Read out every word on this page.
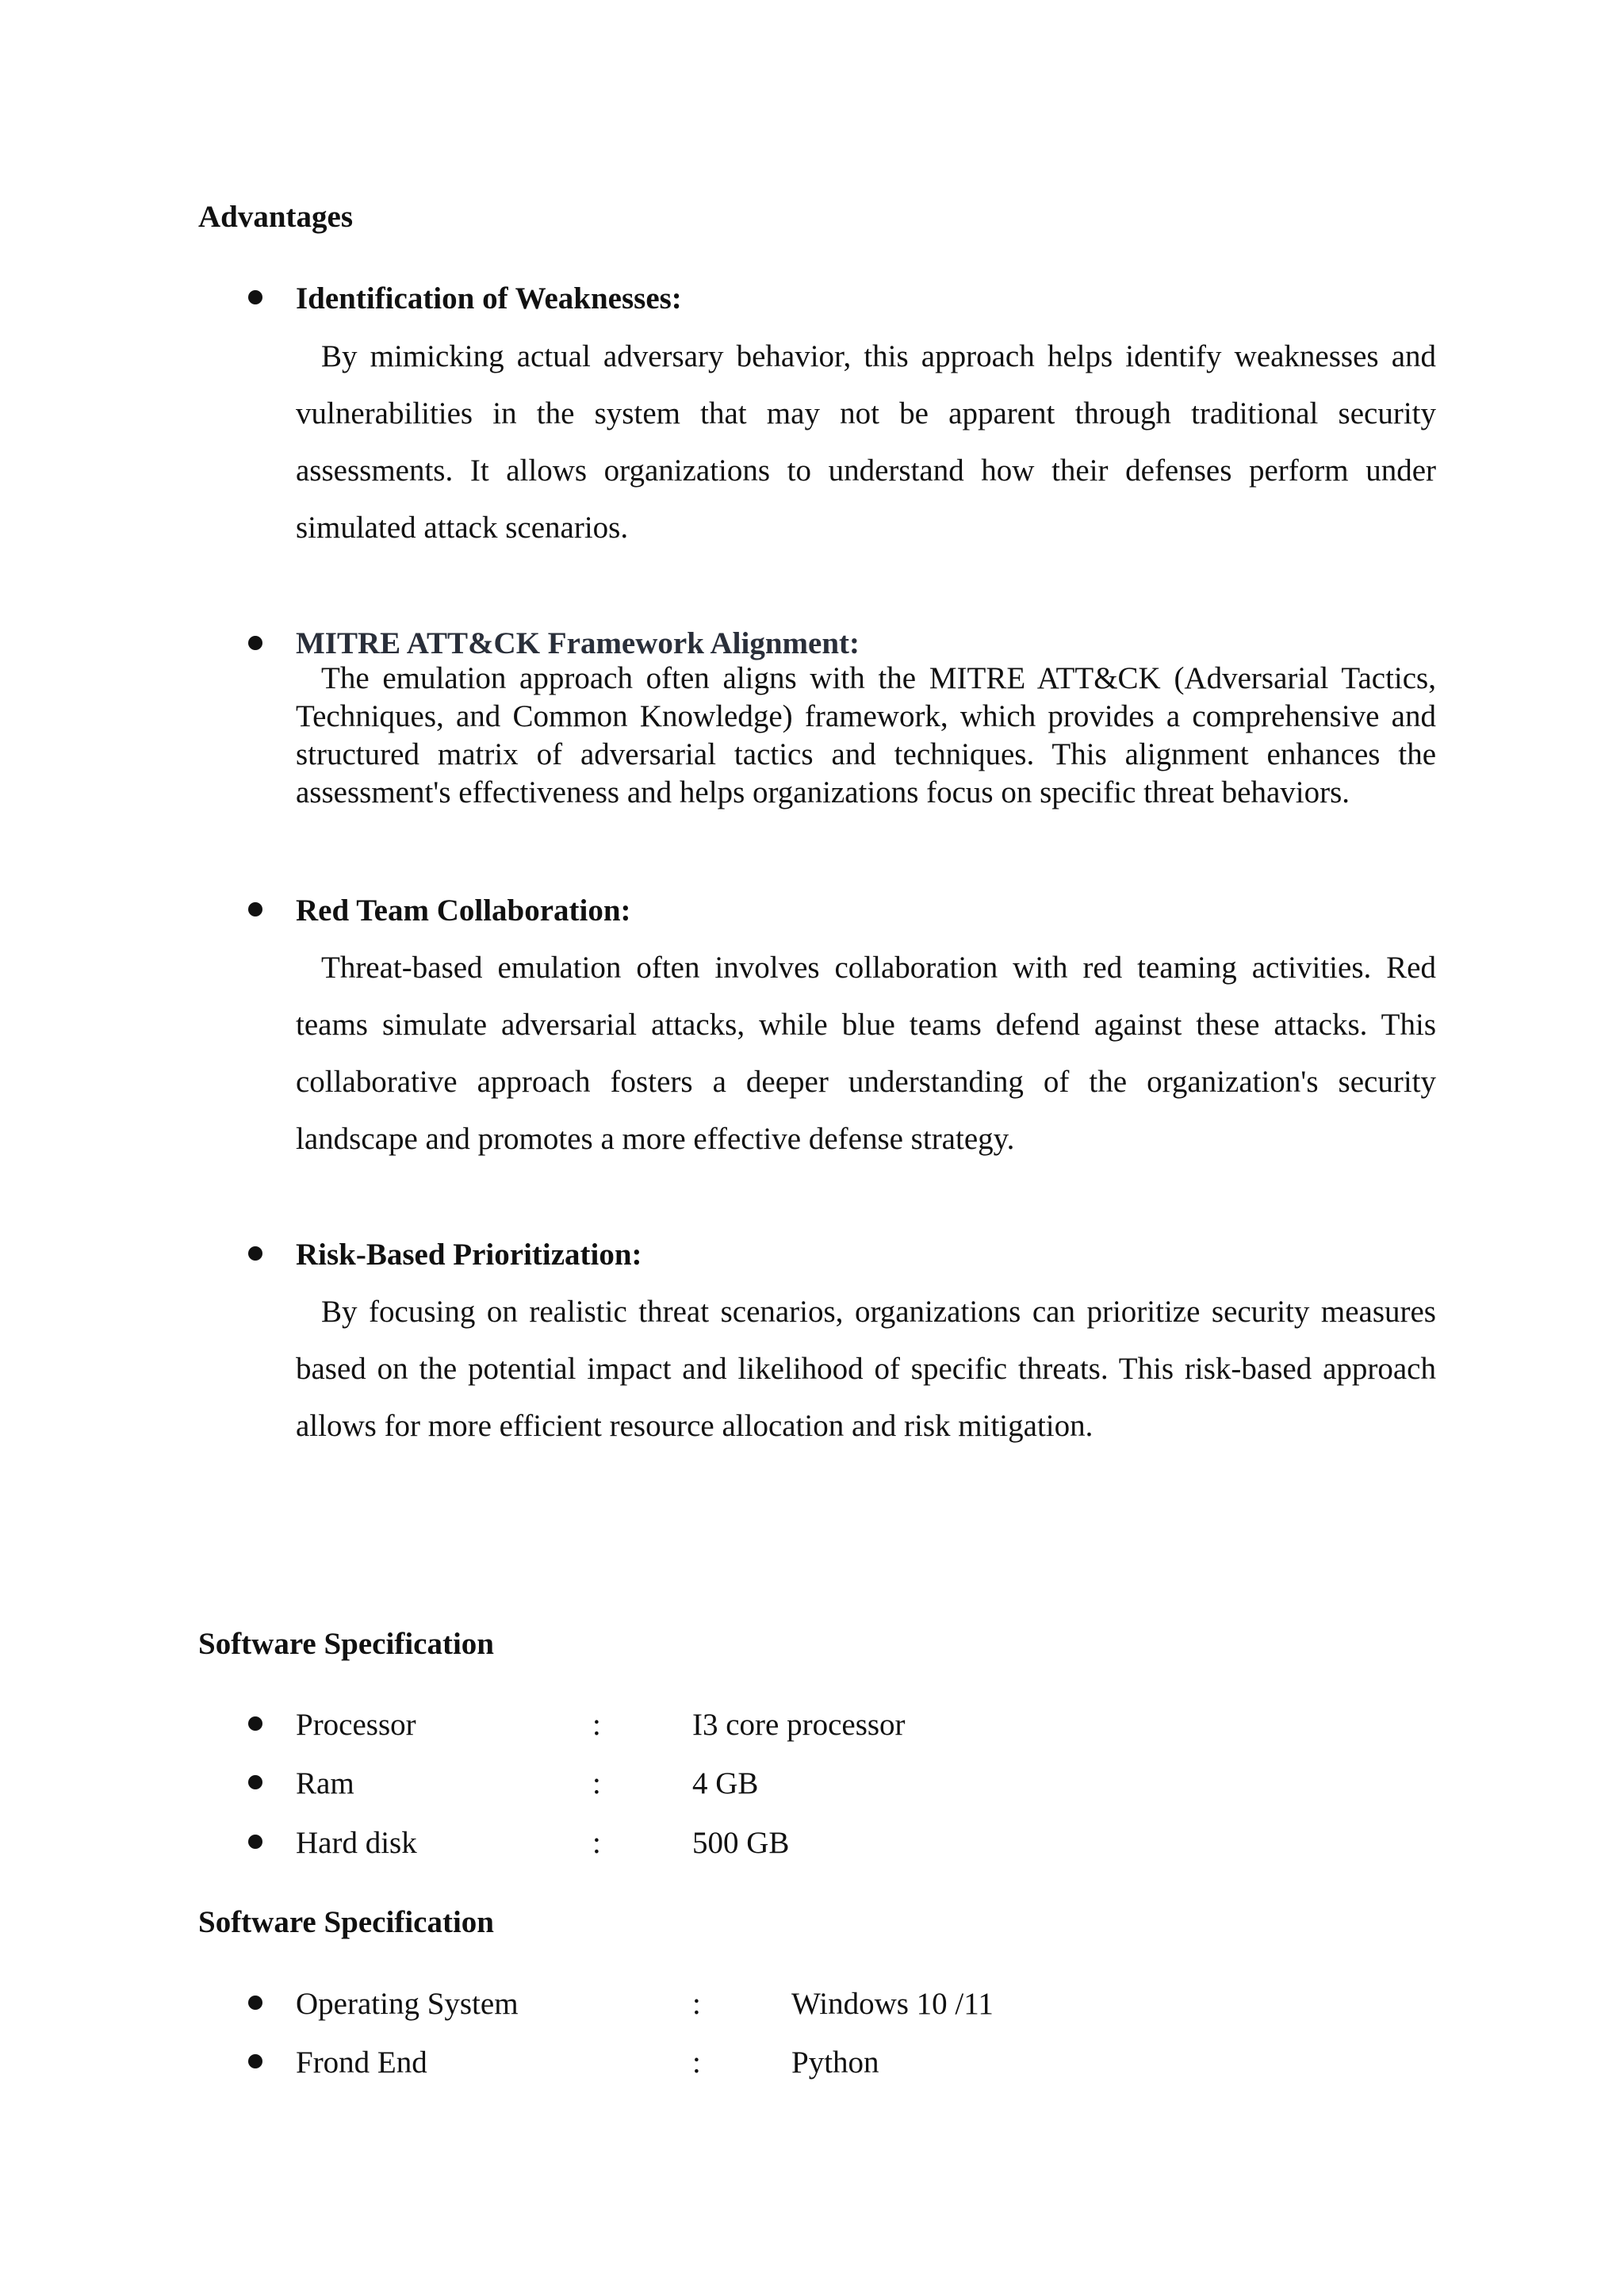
Advantages
Identification of Weaknesses:

By mimicking actual adversary behavior, this approach helps identify weaknesses and vulnerabilities in the system that may not be apparent through traditional security assessments. It allows organizations to understand how their defenses perform under simulated attack scenarios.

MITRE ATT&CK Framework Alignment:

The emulation approach often aligns with the MITRE ATT&CK (Adversarial Tactics, Techniques, and Common Knowledge) framework, which provides a comprehensive and structured matrix of adversarial tactics and techniques. This alignment enhances the assessment's effectiveness and helps organizations focus on specific threat behaviors.

Red Team Collaboration:

Threat-based emulation often involves collaboration with red teaming activities. Red teams simulate adversarial attacks, while blue teams defend against these attacks. This collaborative approach fosters a deeper understanding of the organization's security landscape and promotes a more effective defense strategy.

Risk-Based Prioritization:

By focusing on realistic threat scenarios, organizations can prioritize security measures based on the potential impact and likelihood of specific threats. This risk-based approach allows for more efficient resource allocation and risk mitigation.

Software Specification
Processor	:	I3 core processor
Ram	:	4 GB
Hard disk	:	500 GB
Software Specification
Operating System	:	Windows 10 /11
Frond End	:	Python
